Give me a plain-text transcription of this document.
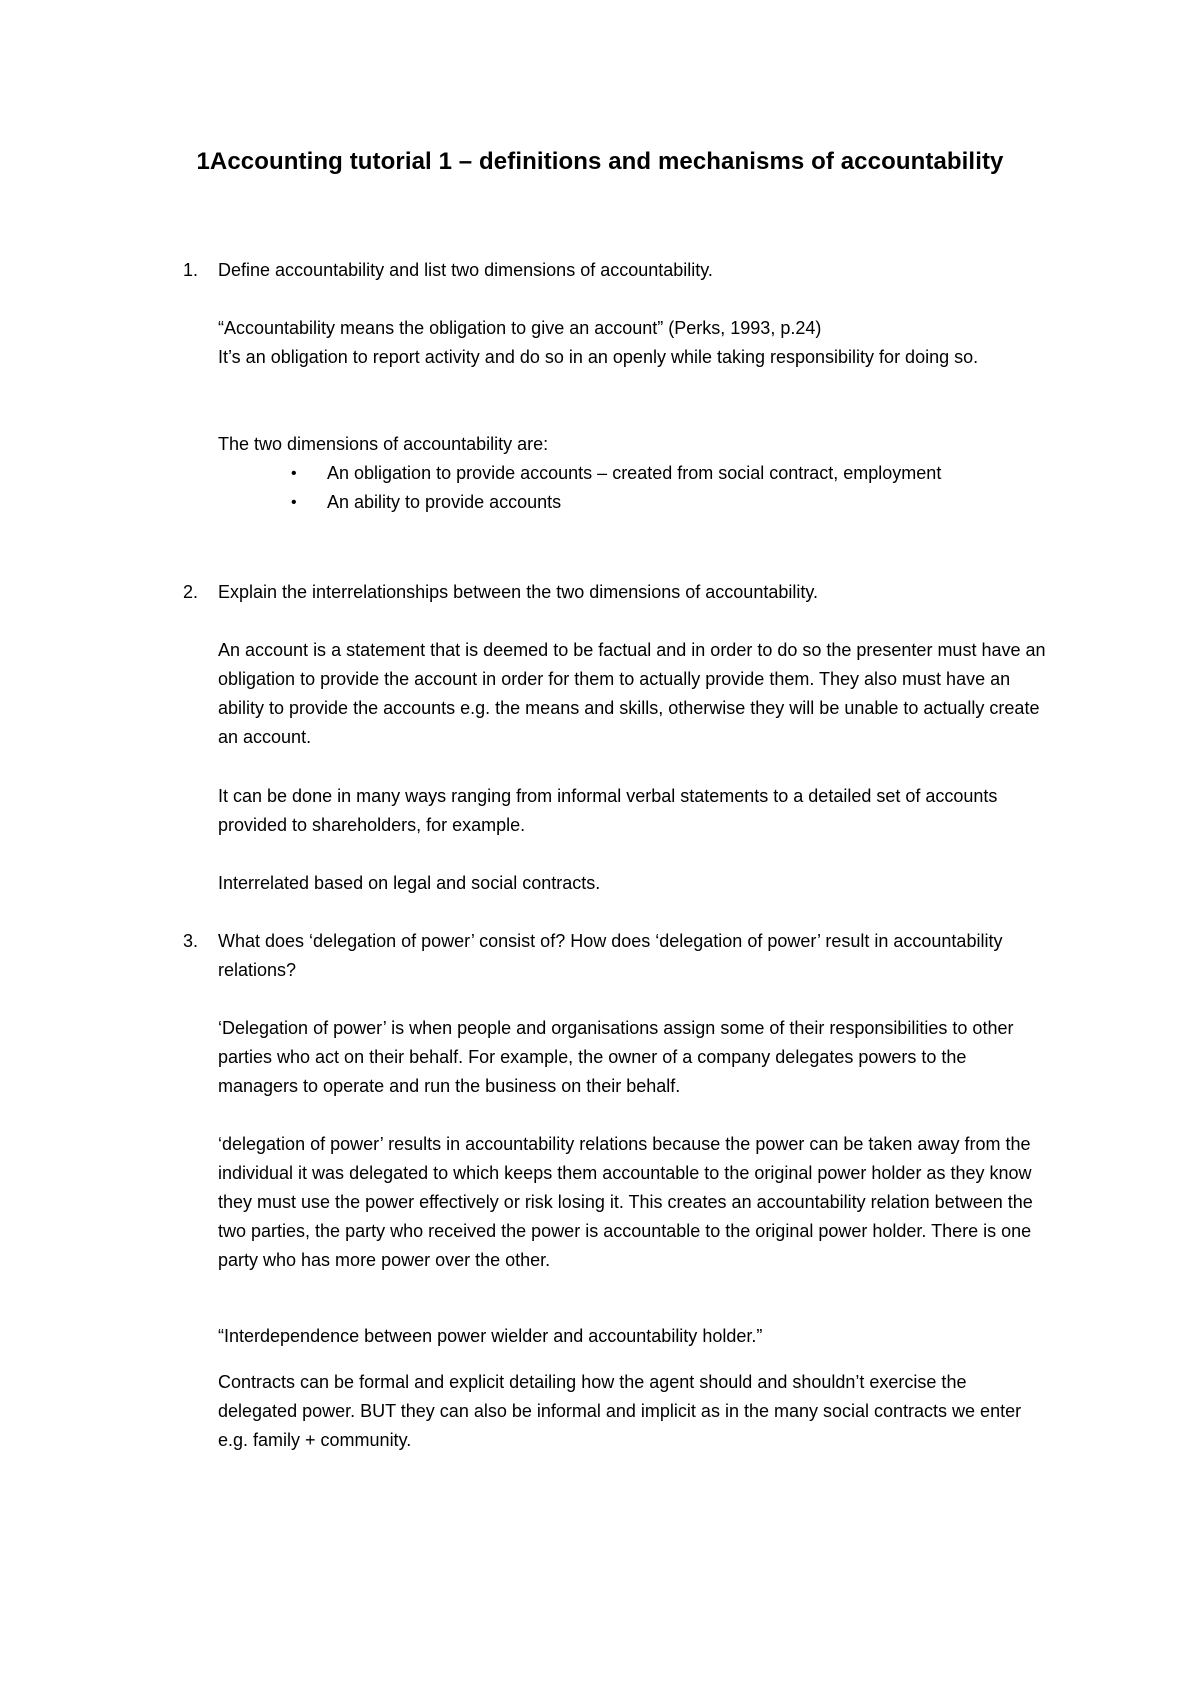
1Accounting tutorial 1 – definitions and mechanisms of accountability

1. Define accountability and list two dimensions of accountability.

“Accountability means the obligation to give an account” (Perks, 1993, p.24)

It’s an obligation to report activity and do so in an openly while taking responsibility for doing so.

The two dimensions of accountability are:

• An obligation to provide accounts – created from social contract, employment

• An ability to provide accounts

2. Explain the interrelationships between the two dimensions of accountability.

An account is a statement that is deemed to be factual and in order to do so the presenter must have an obligation to provide the account in order for them to actually provide them. They also must have an ability to provide the accounts e.g. the means and skills, otherwise they will be unable to actually create an account.

It can be done in many ways ranging from informal verbal statements to a detailed set of accounts provided to shareholders, for example.

Interrelated based on legal and social contracts.

3. What does ‘delegation of power’ consist of? How does ‘delegation of power’ result in accountability relations?

‘Delegation of power’ is when people and organisations assign some of their responsibilities to other parties who act on their behalf. For example, the owner of a company delegates powers to the managers to operate and run the business on their behalf.

‘delegation of power’ results in accountability relations because the power can be taken away from the individual it was delegated to which keeps them accountable to the original power holder as they know they must use the power effectively or risk losing it. This creates an accountability relation between the two parties, the party who received the power is accountable to the original power holder. There is one party who has more power over the other.

“Interdependence between power wielder and accountability holder.”

Contracts can be formal and explicit detailing how the agent should and shouldn’t exercise the delegated power. BUT they can also be informal and implicit as in the many social contracts we enter e.g. family + community.
